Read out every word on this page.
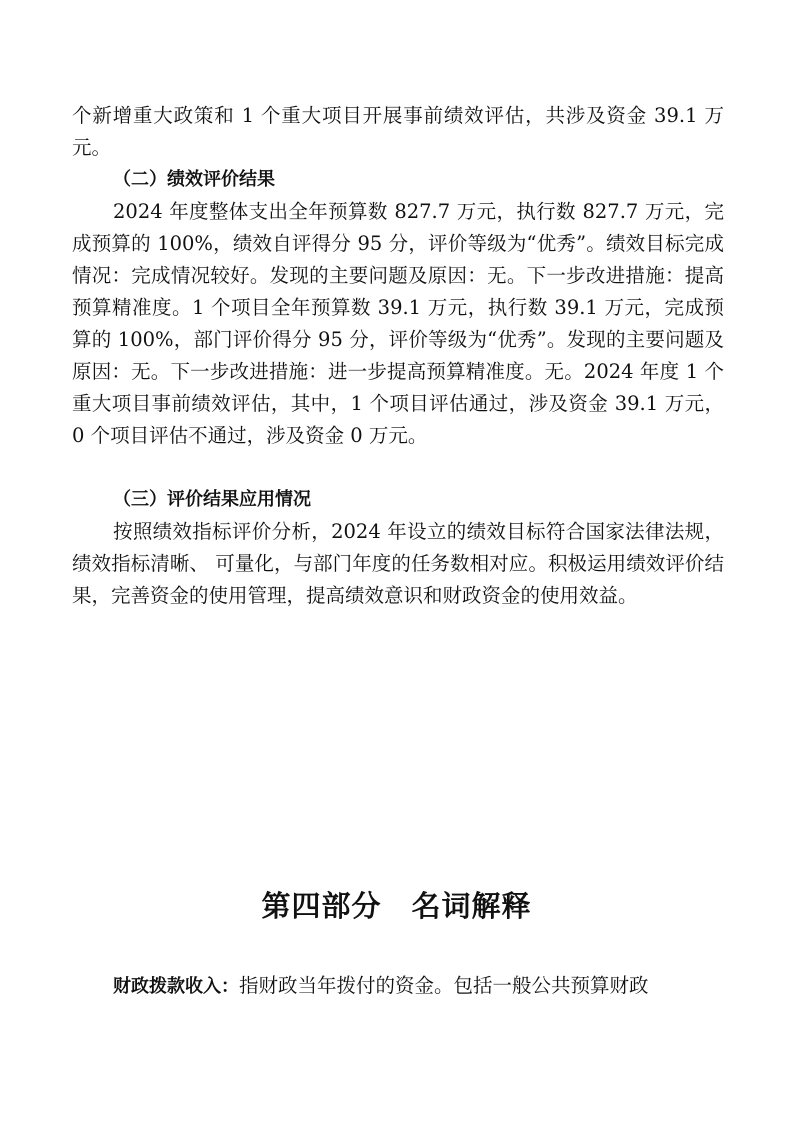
个新增重大政策和 1 个重大项目开展事前绩效评估，共涉及资金 39.1 万元。

（二）绩效评价结果

2024 年度整体支出全年预算数 827.7 万元，执行数 827.7 万元，完成预算的 100%，绩效自评得分 95 分，评价等级为“优秀”。绩效目标完成情况：完成情况较好。发现的主要问题及原因：无。下一步改进措施：提高预算精准度。1 个项目全年预算数 39.1 万元，执行数 39.1 万元，完成预算的 100%，部门评价得分 95 分，评价等级为“优秀”。发现的主要问题及原因：无。下一步改进措施：进一步提高预算精准度。无。2024 年度 1 个重大项目事前绩效评估，其中，1 个项目评估通过，涉及资金 39.1 万元，0 个项目评估不通过，涉及资金 0 万元。

（三）评价结果应用情况

按照绩效指标评价分析，2024 年设立的绩效目标符合国家法律法规，绩效指标清晰、 可量化，与部门年度的任务数相对应。积极运用绩效评价结果，完善资金的使用管理，提高绩效意识和财政资金的使用效益。

第四部分　名词解释

财政拨款收入：指财政当年拨付的资金。包括一般公共预算财政
